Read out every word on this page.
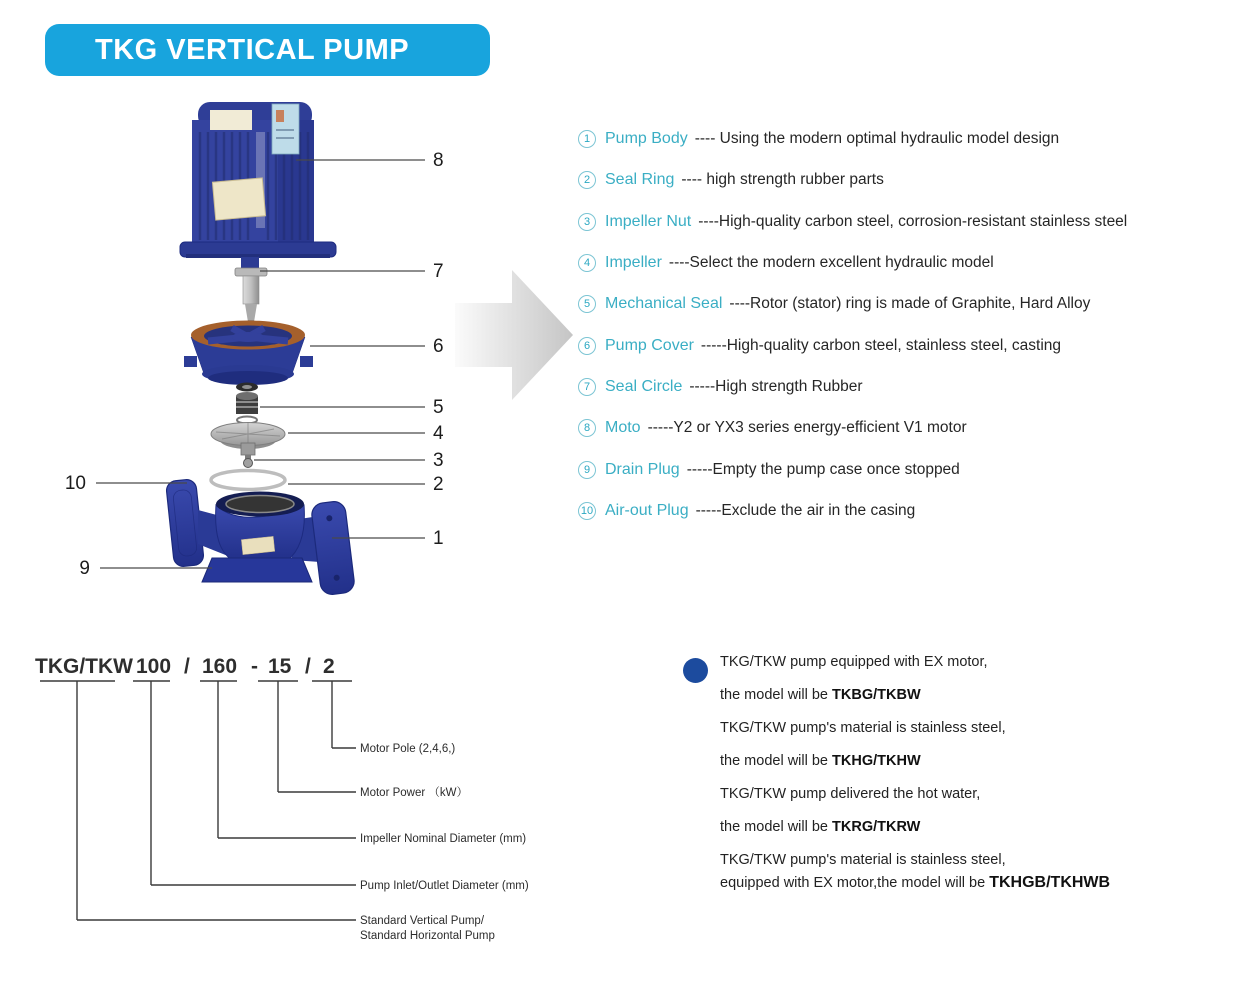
TKG VERTICAL PUMP
8
7
6
5
4
3
2
1
10
9
1 Pump Body ---- Using the modern optimal hydraulic model design
2 Seal Ring ---- high strength rubber parts
3 Impeller Nut ----High-quality carbon steel, corrosion-resistant stainless steel
4 Impeller ----Select the modern excellent hydraulic model
5 Mechanical Seal ----Rotor (stator) ring is made of Graphite, Hard Alloy
6 Pump Cover -----High-quality carbon steel, stainless steel, casting
7 Seal Circle -----High strength Rubber
8 Moto -----Y2 or YX3 series energy-efficient V1 motor
9 Drain Plug -----Empty the pump case once stopped
10 Air-out Plug -----Exclude the air in the casing
TKG/TKW 100 / 160 - 15 / 2
Motor Pole (2,4,6,)
Motor Power （kW）
Impeller Nominal Diameter (mm)
Pump Inlet/Outlet Diameter (mm)
Standard Vertical Pump/
Standard Horizontal Pump
TKG/TKW pump equipped with EX motor,
the model will be TKBG/TKBW
TKG/TKW pump's material is stainless steel,
the model will be TKHG/TKHW
TKG/TKW pump delivered the hot water,
the model will be TKRG/TKRW
TKG/TKW pump's material is stainless steel,
equipped with EX motor,the model will be TKHGB/TKHWB
